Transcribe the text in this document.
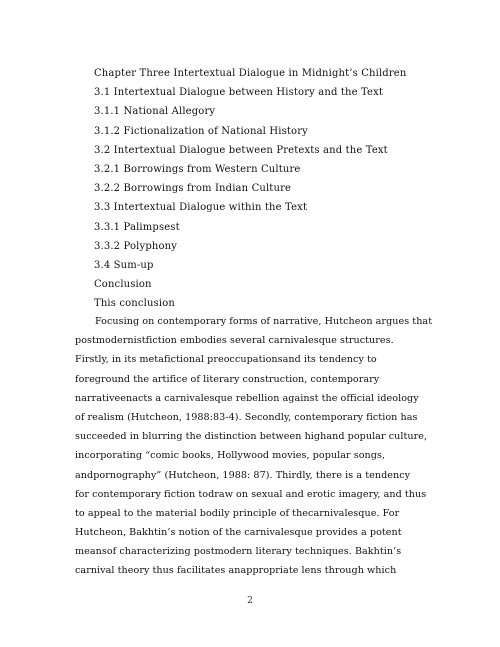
Chapter Three Intertextual Dialogue in Midnight’s Children
3.1 Intertextual Dialogue between History and the Text
3.1.1 National Allegory
3.1.2 Fictionalization of National History
3.2 Intertextual Dialogue between Pretexts and the Text
3.2.1 Borrowings from Western Culture
3.2.2 Borrowings from Indian Culture
3.3 Intertextual Dialogue within the Text
3.3.1 Palimpsest
3.3.2 Polyphony
3.4 Sum-up
Conclusion
This conclusion
Focusing on contemporary forms of narrative, Hutcheon argues that
postmodernistfiction embodies several carnivalesque structures.
Firstly, in its metafictional preoccupationsand its tendency to
foreground the artifice of literary construction, contemporary
narrativeenacts a carnivalesque rebellion against the official ideology
of realism (Hutcheon, 1988:83-4). Secondly, contemporary fiction has
succeeded in blurring the distinction between highand popular culture,
incorporating “comic books, Hollywood movies, popular songs,
andpornography” (Hutcheon, 1988: 87). Thirdly, there is a tendency
for contemporary fiction todraw on sexual and erotic imagery, and thus
to appeal to the material bodily principle of thecarnivalesque. For
Hutcheon, Bakhtin’s notion of the carnivalesque provides a potent
meansof characterizing postmodern literary techniques. Bakhtin’s
carnival theory thus facilitates anappropriate lens through which
2
